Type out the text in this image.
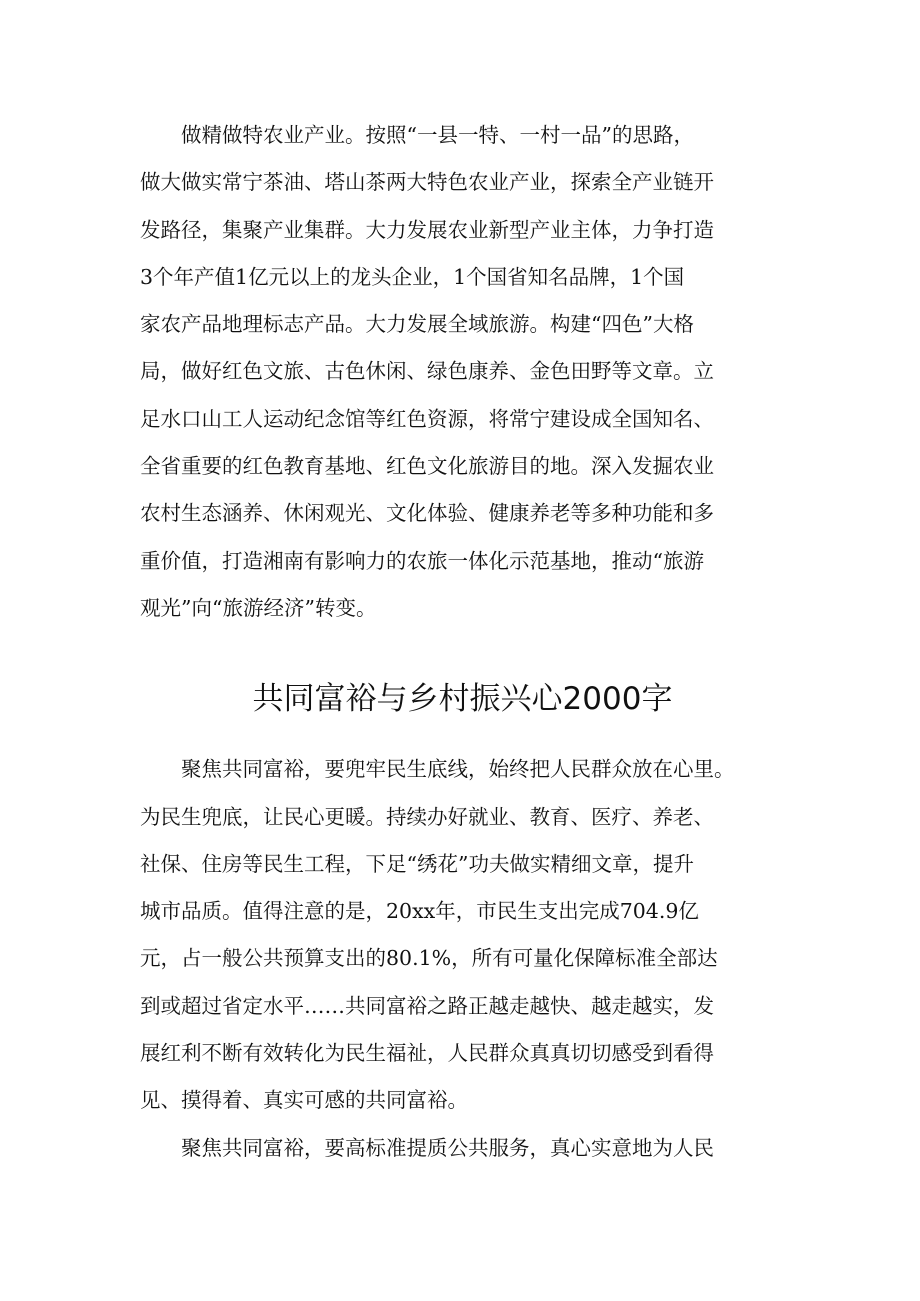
　　做精做特农业产业。按照“一县一特、一村一品”的思路，
做大做实常宁茶油、塔山茶两大特色农业产业，探索全产业链开
发路径，集聚产业集群。大力发展农业新型产业主体，力争打造
3个年产值1亿元以上的龙头企业，1个国省知名品牌，1个国
家农产品地理标志产品。大力发展全域旅游。构建“四色”大格
局，做好红色文旅、古色休闲、绿色康养、金色田野等文章。立
足水口山工人运动纪念馆等红色资源，将常宁建设成全国知名、
全省重要的红色教育基地、红色文化旅游目的地。深入发掘农业
农村生态涵养、休闲观光、文化体验、健康养老等多种功能和多
重价值，打造湘南有影响力的农旅一体化示范基地，推动“旅游
观光”向“旅游经济”转变。
共同富裕与乡村振兴心2000字
　　聚焦共同富裕，要兜牢民生底线，始终把人民群众放在心里。
为民生兜底，让民心更暖。持续办好就业、教育、医疗、养老、
社保、住房等民生工程，下足“绣花”功夫做实精细文章，提升
城市品质。值得注意的是，20xx年，市民生支出完成704.9亿
元，占一般公共预算支出的80.1%，所有可量化保障标准全部达
到或超过省定水平……共同富裕之路正越走越快、越走越实，发
展红利不断有效转化为民生福祉，人民群众真真切切感受到看得
见、摸得着、真实可感的共同富裕。
　　聚焦共同富裕，要高标准提质公共服务，真心实意地为人民
